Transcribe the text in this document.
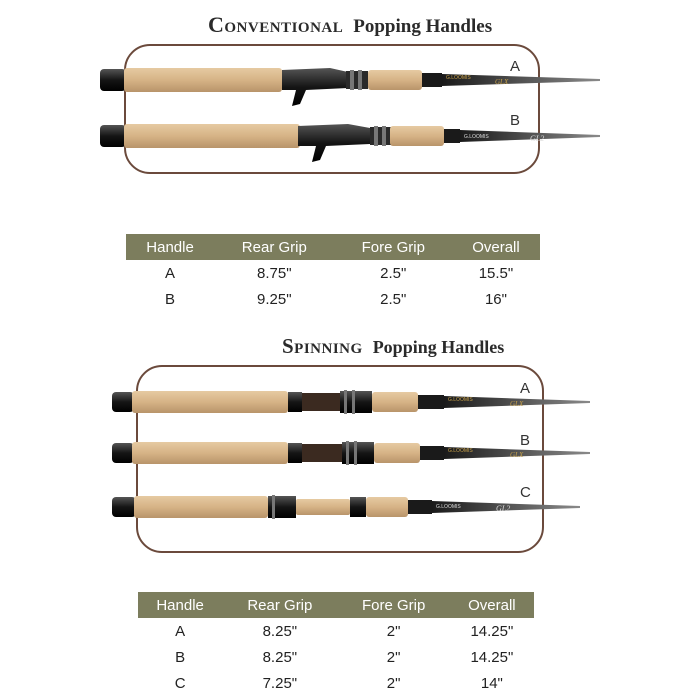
Conventional Popping Handles
G.LOOMIS	GLX
G.LOOMIS	GL2
A
B
Handle	Rear Grip	Fore Grip	Overall
A	8.75"	2.5"	15.5"
B	9.25"	2.5"	16"
Spinning Popping Handles
G.LOOMIS	GLX
G.LOOMIS	GLX
G.LOOMIS	GL2
A
B
C
Handle	Rear Grip	Fore Grip	Overall
A	8.25"	2"	14.25"
B	8.25"	2"	14.25"
C	7.25"	2"	14"
